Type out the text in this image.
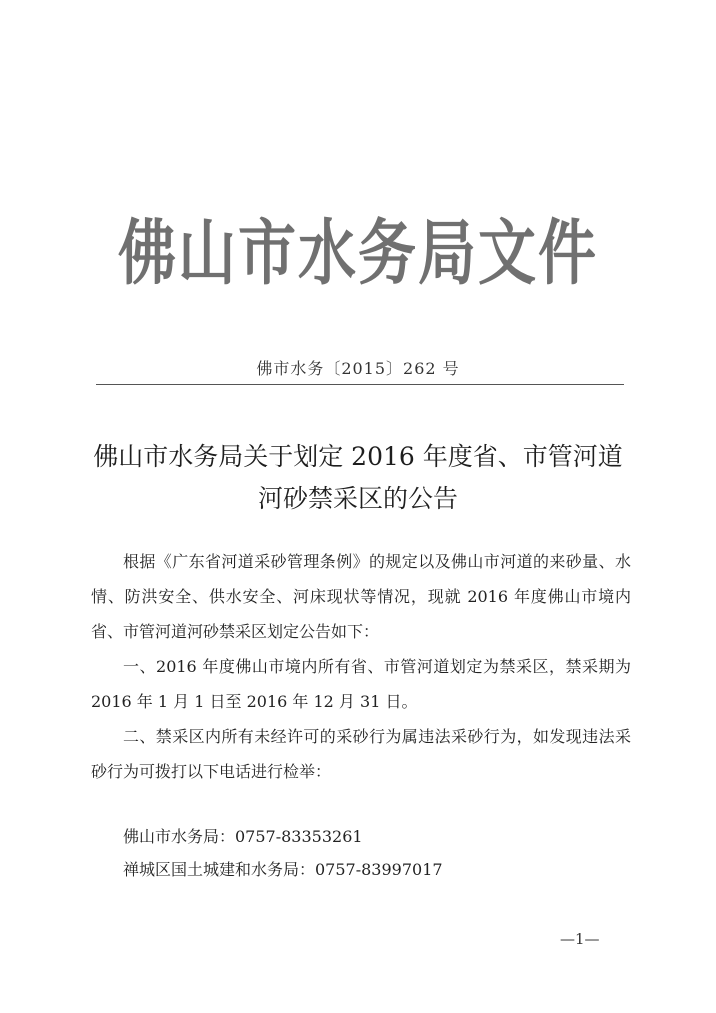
佛山市水务局文件
佛市水务〔2015〕262 号
佛山市水务局关于划定 2016 年度省、市管河道
河砂禁采区的公告

根据《广东省河道采砂管理条例》的规定以及佛山市河道的来砂量、水情、防洪安全、供水安全、河床现状等情况，现就 2016 年度佛山市境内省、市管河道河砂禁采区划定公告如下：

一、2016 年度佛山市境内所有省、市管河道划定为禁采区，禁采期为 2016 年 1 月 1 日至 2016 年 12 月 31 日。

二、禁采区内所有未经许可的采砂行为属违法采砂行为，如发现违法采砂行为可拨打以下电话进行检举：

佛山市水务局：0757-83353261
禅城区国土城建和水务局：0757-83997017
—1—
